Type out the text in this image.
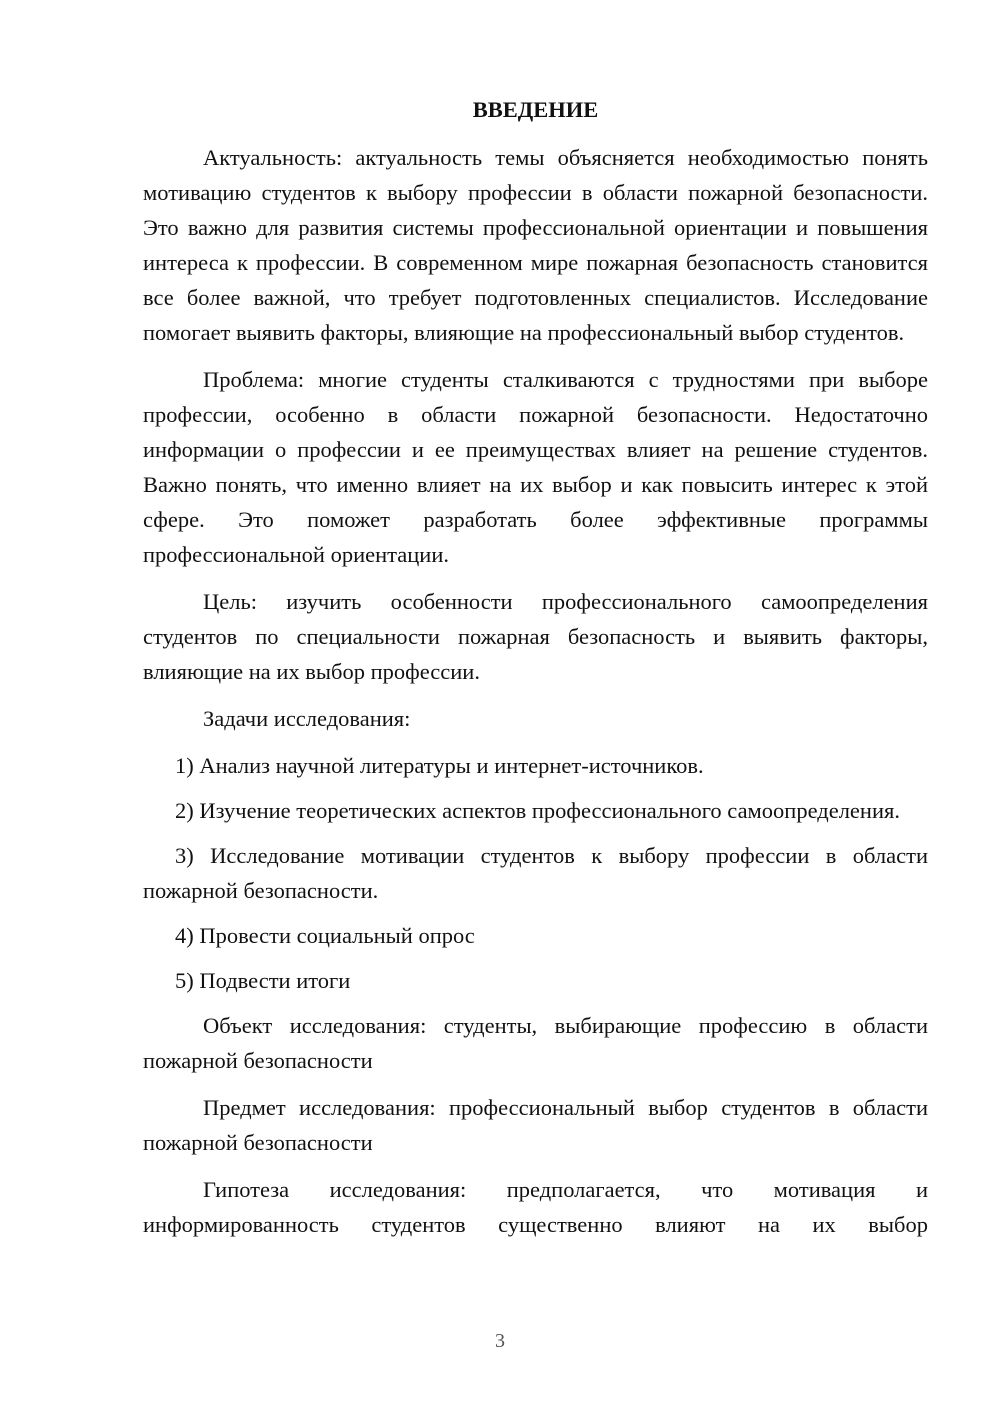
ВВЕДЕНИЕ

Актуальность: актуальность темы объясняется необходимостью понять мотивацию студентов к выбору профессии в области пожарной безопасности. Это важно для развития системы профессиональной ориентации и повышения интереса к профессии. В современном мире пожарная безопасность становится все более важной, что требует подготовленных специалистов. Исследование помогает выявить факторы, влияющие на профессиональный выбор студентов.

Проблема: многие студенты сталкиваются с трудностями при выборе профессии, особенно в области пожарной безопасности. Недостаточно информации о профессии и ее преимуществах влияет на решение студентов. Важно понять, что именно влияет на их выбор и как повысить интерес к этой сфере. Это поможет разработать более эффективные программы профессиональной ориентации.

Цель: изучить особенности профессионального самоопределения студентов по специальности пожарная безопасность и выявить факторы, влияющие на их выбор профессии.

Задачи исследования:

1) Анализ научной литературы и интернет-источников.

2) Изучение теоретических аспектов профессионального самоопределения.

3) Исследование мотивации студентов к выбору профессии в области пожарной безопасности.

4) Провести социальный опрос

5) Подвести итоги

Объект исследования: студенты, выбирающие профессию в области пожарной безопасности

Предмет исследования: профессиональный выбор студентов в области пожарной безопасности

Гипотеза исследования: предполагается, что мотивация и информированность студентов существенно влияют на их выбор

3
